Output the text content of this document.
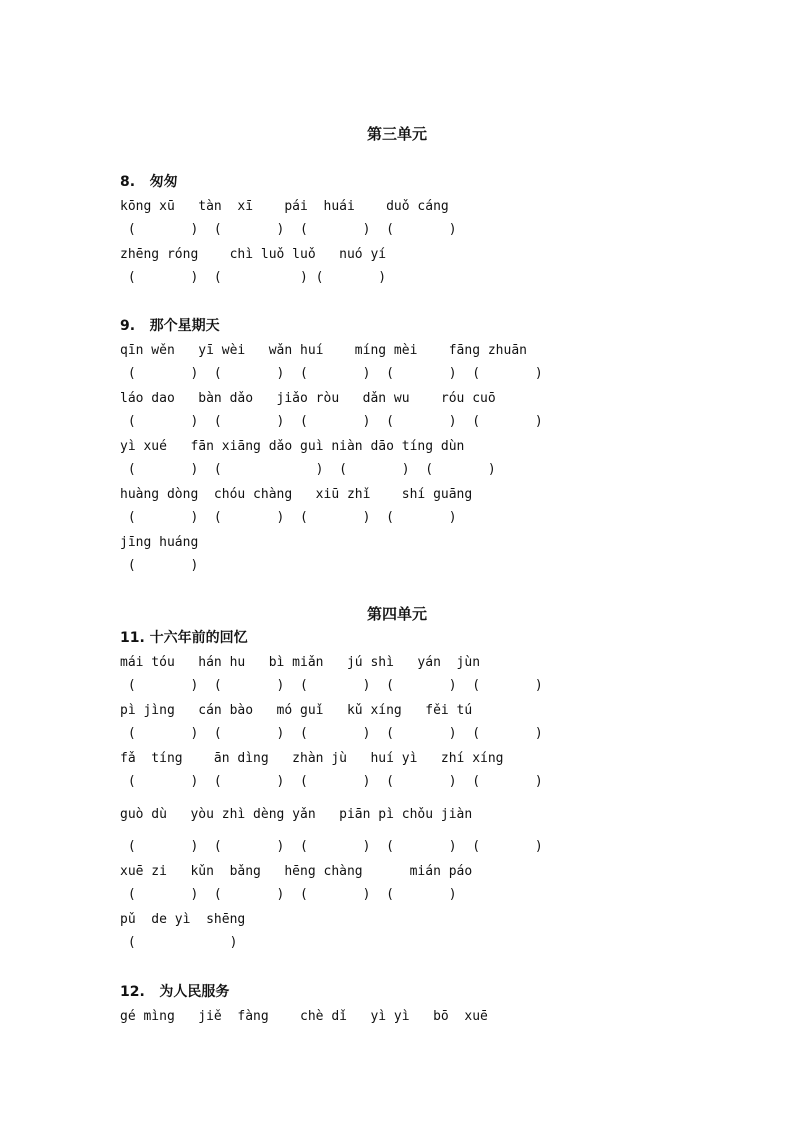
第三单元
8.   匆匆
kōng xū   tàn  xī    pái  huái    duǒ cáng
(       )  (       )  (       )  (       )
zhēng róng    chì luǒ luǒ   nuó yí
(       )  (          ) (       )
9.   那个星期天
qīn wěn   yī wèi   wǎn huí    míng mèi    fāng zhuān
(       )  (       )  (       )  (       )  (       )
láo dao   bàn dǎo   jiǎo ròu   dǎn wu    róu cuō
(       )  (       )  (       )  (       )  (       )
yì xué   fān xiāng dǎo guì niàn dāo tíng dùn
(       )  (            )  (       )  (       )
huàng dòng  chóu chàng   xiū zhǐ    shí guāng
(       )  (       )  (       )  (       )
jīng huáng
(       )
第四单元
11. 十六年前的回忆
mái tóu   hán hu   bì miǎn   jú shì   yán  jùn
(       )  (       )  (       )  (       )  (       )
pì jìng   cán bào   mó guǐ   kǔ xíng   fěi tú
(       )  (       )  (       )  (       )  (       )
fǎ  tíng    ān dìng   zhàn jù   huí yì   zhí xíng
(       )  (       )  (       )  (       )  (       )
guò dù   yòu zhì dèng yǎn   piān pì chǒu jiàn
(       )  (       )  (       )  (       )  (       )
xuē zi   kǔn  bǎng   hēng chàng      mián páo
(       )  (       )  (       )  (       )
pǔ  de yì  shēng
(            )
12.   为人民服务
gé mìng   jiě  fàng    chè dǐ   yì yì   bō  xuē
